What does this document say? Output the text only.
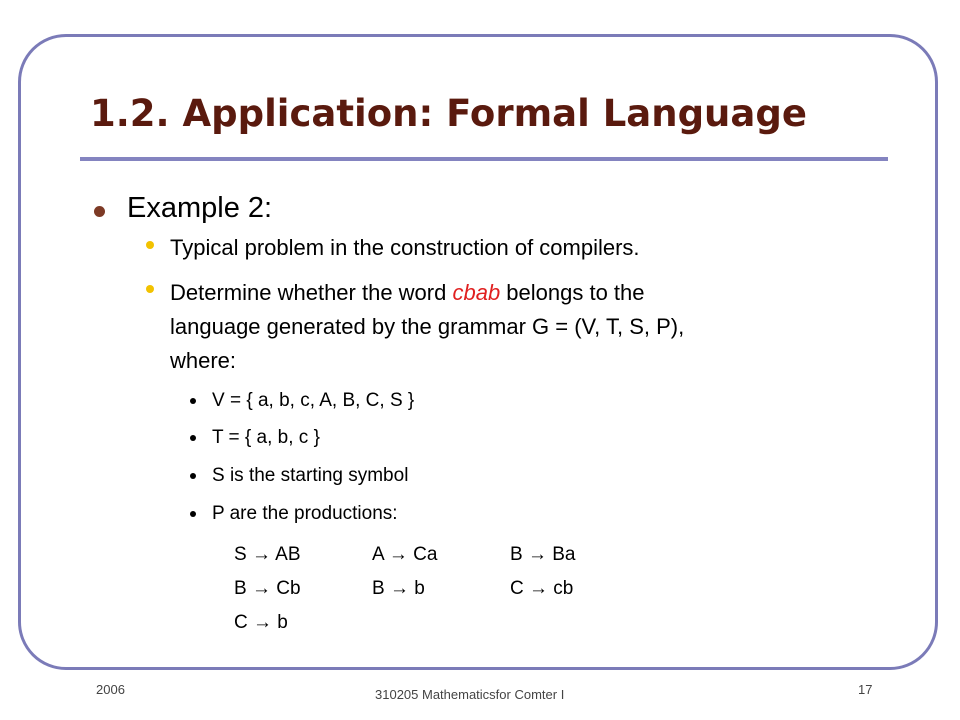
1.2. Application: Formal Language
Example 2:
Typical problem in the construction of compilers.
Determine whether the word cbab belongs to the
language generated by the grammar G = (V, T, S, P),
where:
V = { a, b, c, A, B, C, S }
T = { a, b, c }
S is the starting symbol
P are the productions:
S → AB	A → Ca	B → Ba
B → Cb	B → b	C → cb
C → b
2006	310205 Mathematicsfor Comter I	17
